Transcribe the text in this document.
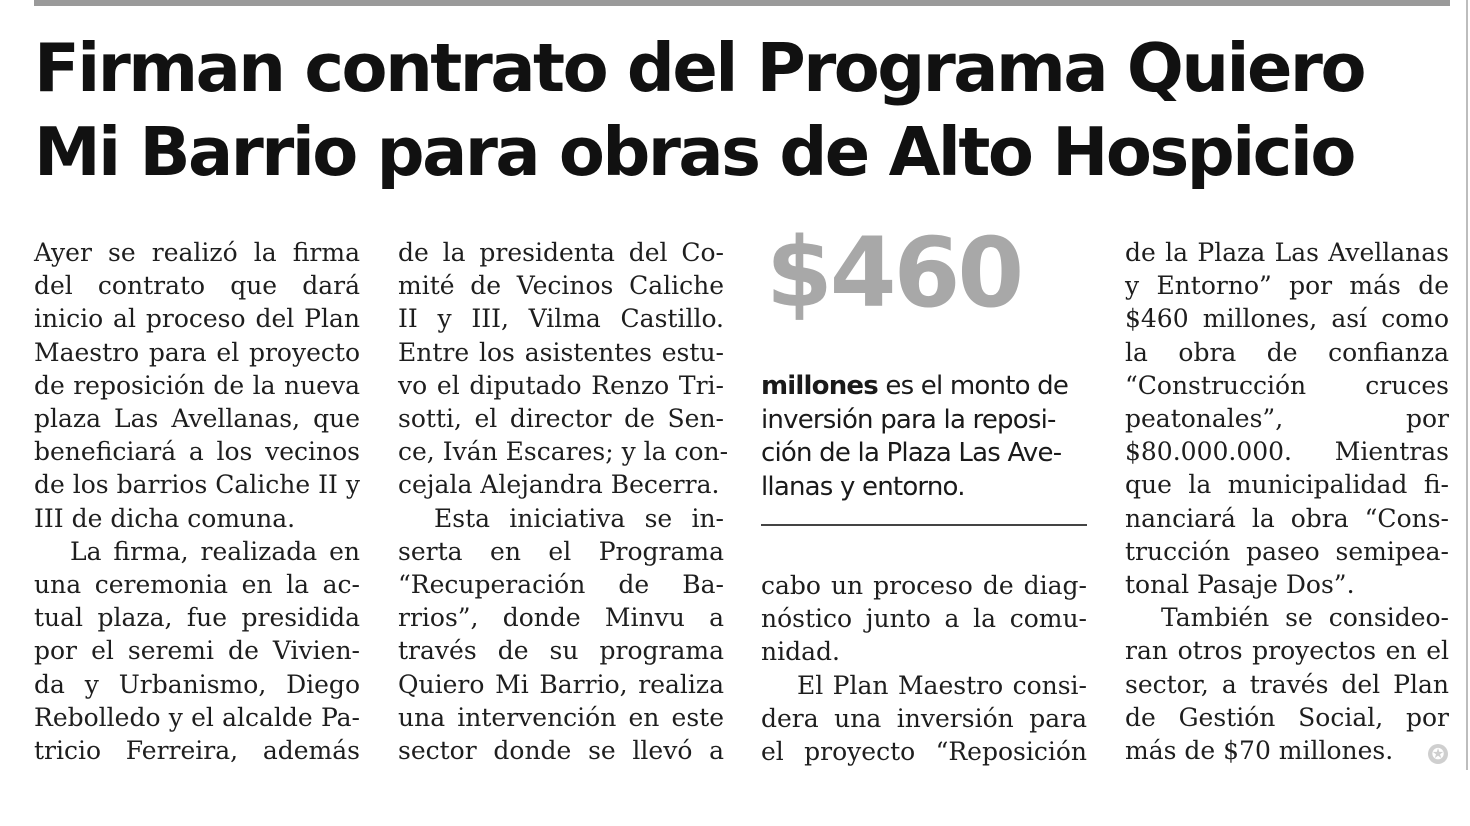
Firman contrato del Programa Quiero
Mi Barrio para obras de Alto Hospicio
Ayer se realizó la firma
del contrato que dará
inicio al proceso del Plan
Maestro para el proyecto
de reposición de la nueva
plaza Las Avellanas, que
beneficiará a los vecinos
de los barrios Caliche II y
III de dicha comuna.
La firma, realizada en
una ceremonia en la ac-
tual plaza, fue presidida
por el seremi de Vivien-
da y Urbanismo, Diego
Rebolledo y el alcalde Pa-
tricio Ferreira, además
de la presidenta del Co-
mité de Vecinos Caliche
II y III, Vilma Castillo.
Entre los asistentes estu-
vo el diputado Renzo Tri-
sotti, el director de Sen-
ce, Iván Escares; y la con-
cejala Alejandra Becerra.
Esta iniciativa se in-
serta en el Programa
“Recuperación de Ba-
rrios”, donde Minvu a
través de su programa
Quiero Mi Barrio, realiza
una intervención en este
sector donde se llevó a
$460
millones es el monto de
inversión para la reposi-
ción de la Plaza Las Ave-
llanas y entorno.
cabo un proceso de diag-
nóstico junto a la comu-
nidad.
El Plan Maestro consi-
dera una inversión para
el proyecto “Reposición
de la Plaza Las Avellanas
y Entorno” por más de
$460 millones, así como
la obra de confianza
“Construcción cruces
peatonales”, por
$80.000.000. Mientras
que la municipalidad fi-
nanciará la obra “Cons-
trucción paseo semipea-
tonal Pasaje Dos”.
También se consideo-
ran otros proyectos en el
sector, a través del Plan
de Gestión Social, por
más de $70 millones.	✪
